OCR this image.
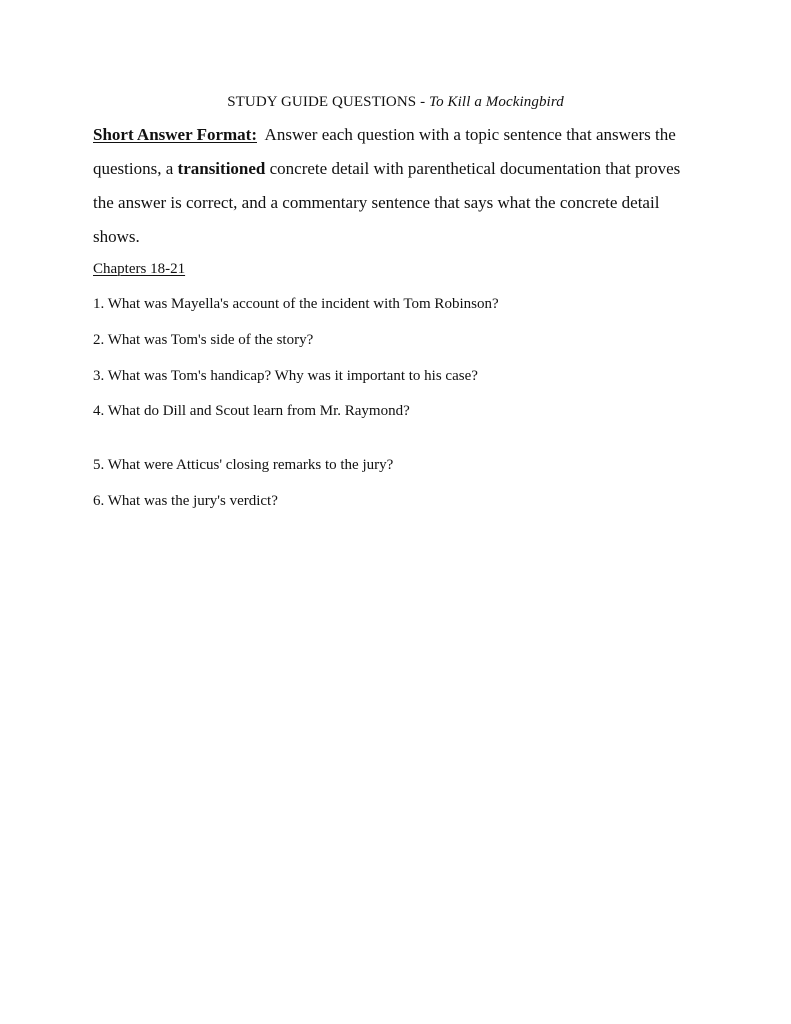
STUDY GUIDE QUESTIONS - To Kill a Mockingbird
Short Answer Format:  Answer each question with a topic sentence that answers the questions, a transitioned concrete detail with parenthetical documentation that proves the answer is correct, and a commentary sentence that says what the concrete detail shows.
Chapters 18-21
1. What was Mayella's account of the incident with Tom Robinson?
2. What was Tom's side of the story?
3. What was Tom's handicap? Why was it important to his case?
4. What do Dill and Scout learn from Mr. Raymond?
5. What were Atticus' closing remarks to the jury?
6. What was the jury's verdict?
